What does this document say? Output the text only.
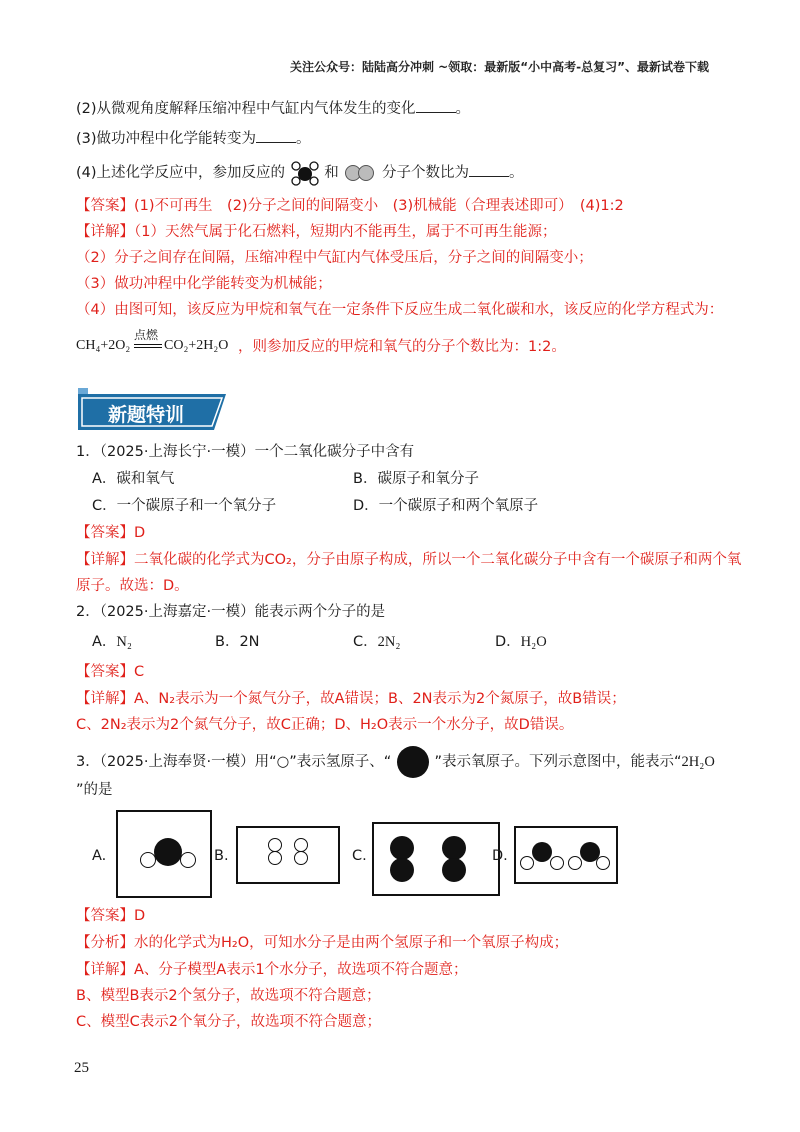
关注公众号：陆陆高分冲刺 ~领取：最新版“小中高考-总复习”、最新试卷下载
(2)从微观角度解释压缩冲程中气缸内气体发生的变化	。
(3)做功冲程中化学能转变为	。
(4)上述化学反应中，参加反应的	和	分子个数比为	。
【答案】(1)不可再生　(2)分子之间的间隔变小　(3)机械能（合理表述即可）　(4)1:2
【详解】（1）天然气属于化石燃料，短期内不能再生，属于不可再生能源；
（2）分子之间存在间隔，压缩冲程中气缸内气体受压后，分子之间的间隔变小；
（3）做功冲程中化学能转变为机械能；
（4）由图可知，该反应为甲烷和氧气在一定条件下反应生成二氧化碳和水，该反应的化学方程式为：
CH₄+2O₂
点燃
CO₂+2H₂O ，则参加反应的甲烷和氧气的分子个数比为：1:2。
新题特训
1．（2025·上海长宁·一模）一个二氧化碳分子中含有
A．碳和氧气	B．碳原子和氧分子
C．一个碳原子和一个氧分子	D．一个碳原子和两个氧原子
【答案】D
【详解】二氧化碳的化学式为CO₂，分子由原子构成，所以一个二氧化碳分子中含有一个碳原子和两个氧
原子。故选：D。
2．（2025·上海嘉定·一模）能表示两个分子的是
A．N₂	B．2N	C．2N₂	D．H₂O
【答案】C
【详解】A、N₂表示为一个氮气分子，故A错误；B、2N表示为2个氮原子，故B错误；
C、2N₂表示为2个氮气分子，故C正确；D、H₂O表示一个水分子，故D错误。
3．（2025·上海奉贤·一模）用“○”表示氢原子、“	”表示氧原子。下列示意图中，能表示“2H₂O
”的是
A.	B.	C.	D.
【答案】D
【分析】水的化学式为H₂O，可知水分子是由两个氢原子和一个氧原子构成；
【详解】A、分子模型A表示1个水分子，故选项不符合题意；
B、模型B表示2个氢分子，故选项不符合题意；
C、模型C表示2个氧分子，故选项不符合题意；
25
